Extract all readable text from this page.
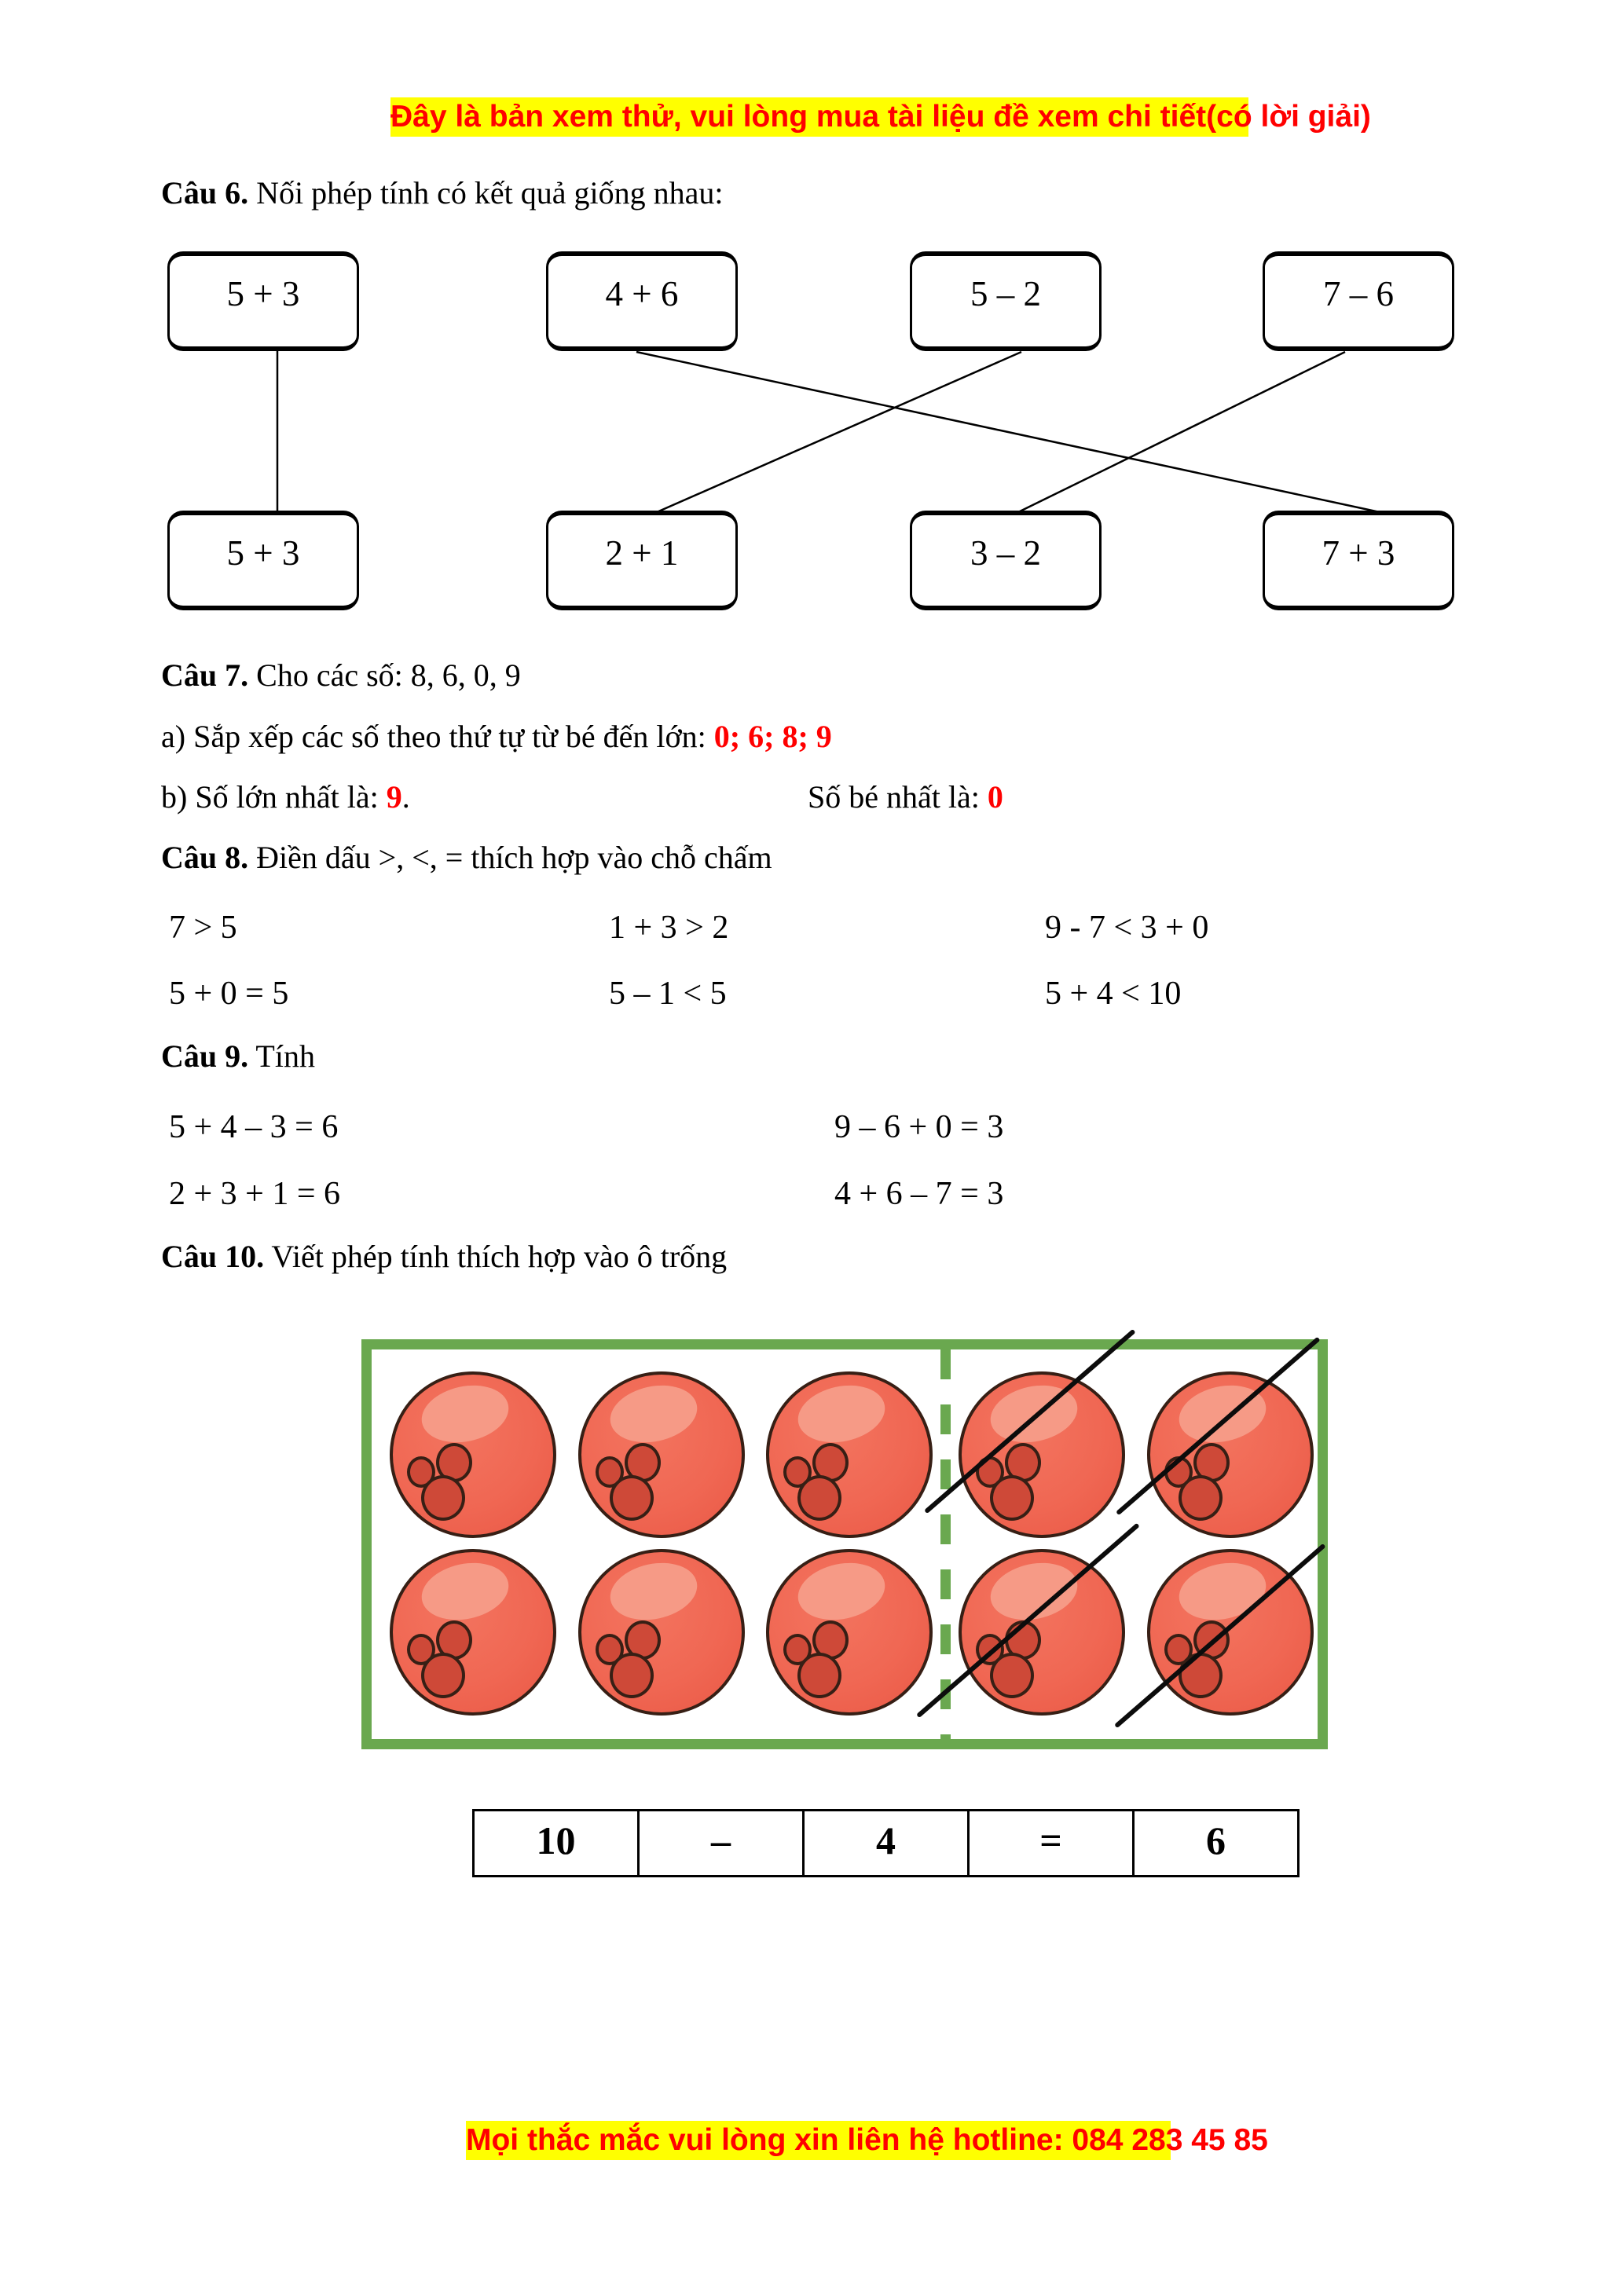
Đây là bản xem thử, vui lòng mua tài liệu đề xem chi tiết(có lời giải)
Câu 6. Nối phép tính có kết quả giống nhau:
5 + 3	4 + 6	5 – 2	7 – 6
5 + 3	2 + 1	3 – 2	7 + 3
Câu 7. Cho các số: 8, 6, 0, 9
a) Sắp xếp các số theo thứ tự từ bé đến lớn: 0; 6; 8; 9
b) Số lớn nhất là: 9.	Số bé nhất là: 0
Câu 8. Điền dấu >, <, = thích hợp vào chỗ chấm
7 > 5	1 + 3 > 2	9 - 7 < 3 + 0
5 + 0 = 5	5 – 1 < 5	5 + 4 < 10
Câu 9. Tính
5 + 4 – 3 = 6	9 – 6 + 0 = 3
2 + 3 + 1 = 6	4 + 6 – 7 = 3
Câu 10. Viết phép tính thích hợp vào ô trống
10	–	4	=	6
Mọi thắc mắc vui lòng xin liên hệ hotline: 084 283 45 85
